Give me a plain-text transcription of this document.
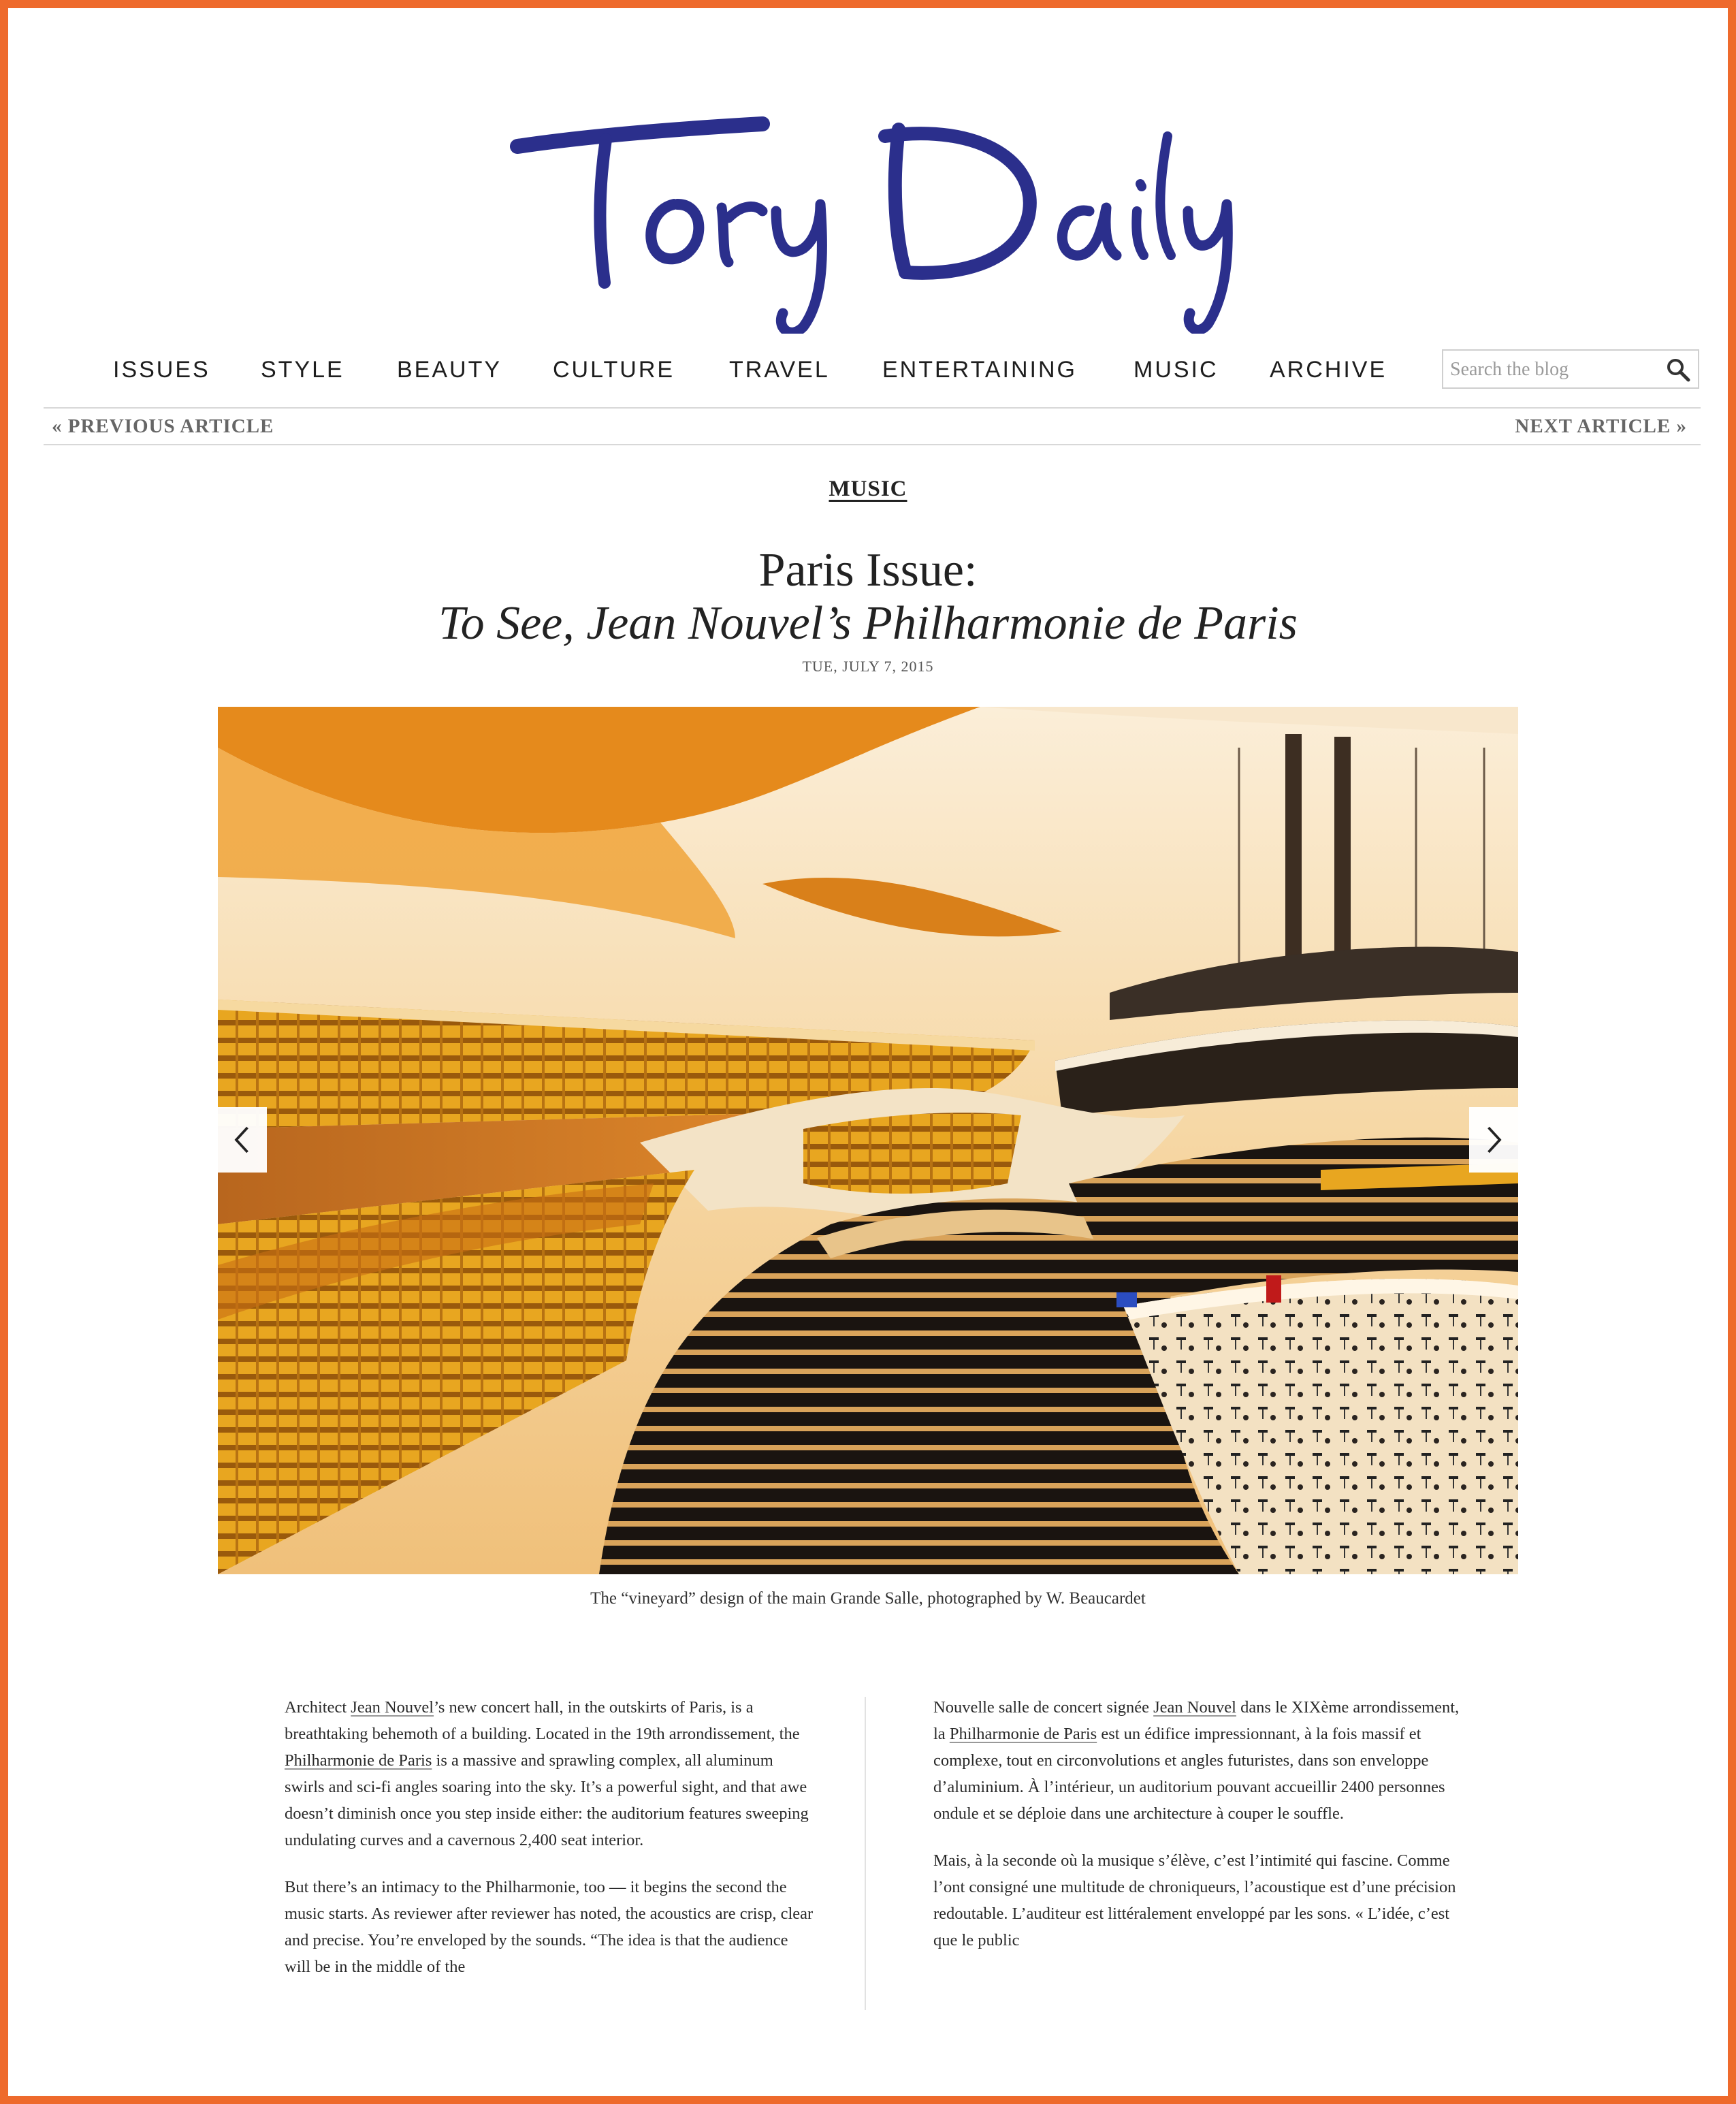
ISSUES STYLE BEAUTY CULTURE TRAVEL ENTERTAINING MUSIC ARCHIVE
Search the blog
« PREVIOUS ARTICLE	NEXT ARTICLE »
MUSIC
Paris Issue:
To See, Jean Nouvel’s Philharmonie de Paris
TUE, JULY 7, 2015
The “vineyard” design of the main Grande Salle, photographed by W. Beaucardet

Architect Jean Nouvel’s new concert hall, in the outskirts of Paris, is a breathtaking behemoth of a building. Located in the 19th arrondissement, the Philharmonie de Paris is a massive and sprawling complex, all aluminum swirls and sci-fi angles soaring into the sky. It’s a powerful sight, and that awe doesn’t diminish once you step inside either: the auditorium features sweeping undulating curves and a cavernous 2,400 seat interior.

But there’s an intimacy to the Philharmonie, too — it begins the second the music starts. As reviewer after reviewer has noted, the acoustics are crisp, clear and precise. You’re enveloped by the sounds. “The idea is that the audience will be in the middle of the

Nouvelle salle de concert signée Jean Nouvel dans le XIXème arrondissement, la Philharmonie de Paris est un édifice impressionnant, à la fois massif et complexe, tout en circonvolutions et angles futuristes, dans son enveloppe d’aluminium. À l’intérieur, un auditorium pouvant accueillir 2400 personnes ondule et se déploie dans une architecture à couper le souffle.

Mais, à la seconde où la musique s’élève, c’est l’intimité qui fascine. Comme l’ont consigné une multitude de chroniqueurs, l’acoustique est d’une précision redoutable. L’auditeur est littéralement enveloppé par les sons. « L’idée, c’est que le public
